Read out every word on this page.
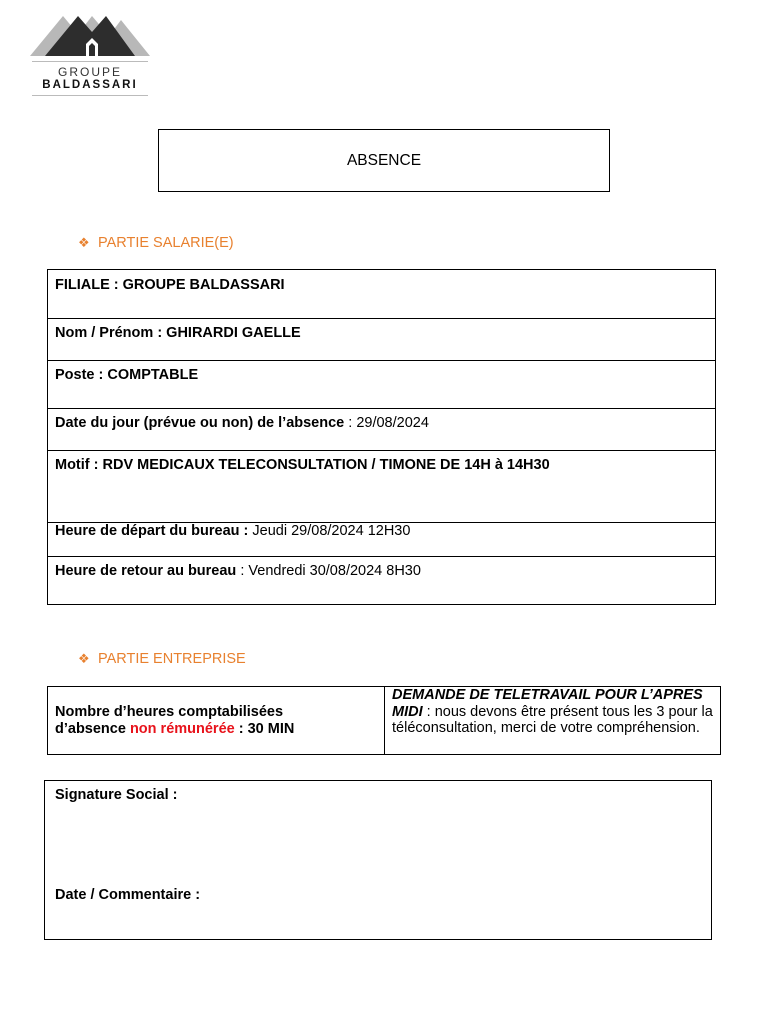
GROUPE
BALDASSARI
ABSENCE
❖ PARTIE SALARIE(E)
FILIALE : GROUPE BALDASSARI
Nom / Prénom : GHIRARDI GAELLE
Poste : COMPTABLE
Date du jour (prévue ou non) de l’absence : 29/08/2024
Motif : RDV MEDICAUX TELECONSULTATION / TIMONE DE 14H à 14H30
Heure de départ du bureau : Jeudi 29/08/2024 12H30
Heure de retour au bureau : Vendredi 30/08/2024 8H30
❖ PARTIE ENTREPRISE
Nombre d’heures comptabilisées
d’absence non rémunérée : 30 MIN	DEMANDE DE TELETRAVAIL POUR L’APRES MIDI : nous devons être présent tous les 3 pour la téléconsultation, merci de votre compréhension.
Signature Social :
Date / Commentaire :
